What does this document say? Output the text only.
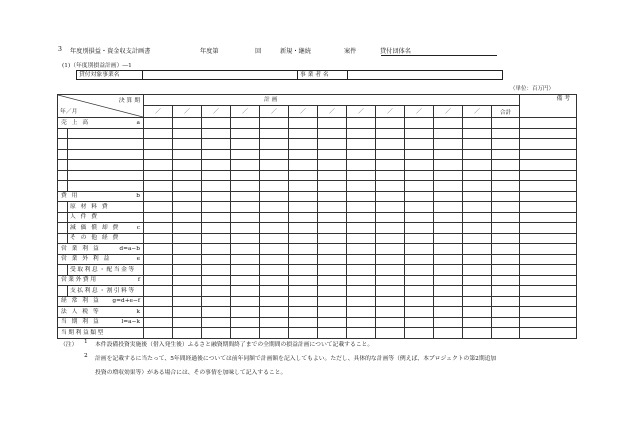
3 年度別損益・資金収支計画書	年度第	回	新規・継続	案件	貸付団体名
(1)（年度別損益計画）―1
貸付対象事業名	事 業 者 名
（単位：百万円）
決 算 期
年／月	計 画													備 考
	／	／	／	／	／	／	／	／	／	／	／	／	合計	
売 上 高 a														

費 用 b														

原 材 料 費														
人 件 費														
減 価 償 却 費 c														

そ の 他 経 費														
営 業 利 益 d=a−b														

営 業 外 利 益 e														

受取利息・配当金等														
営業外費用 f														

支払利息・割引料等														
経 常 利 益 g=d+e−f														

法 人 税 等 k														

当 期 利 益 l=a−k														

当期利益類型														
（注） 1 本件設備投資実施後（借入発生後）ふるさと融資期間終了までの全期間の損益計画について記載すること。
2 計画を記載するに当たって、5年間経過後については前年同額で計画額を記入してもよい。ただし、具体的な計画等（例えば、本プロジェクトの第2期追加
投資の増収効果等）がある場合には、その事情を加味して記入すること。
